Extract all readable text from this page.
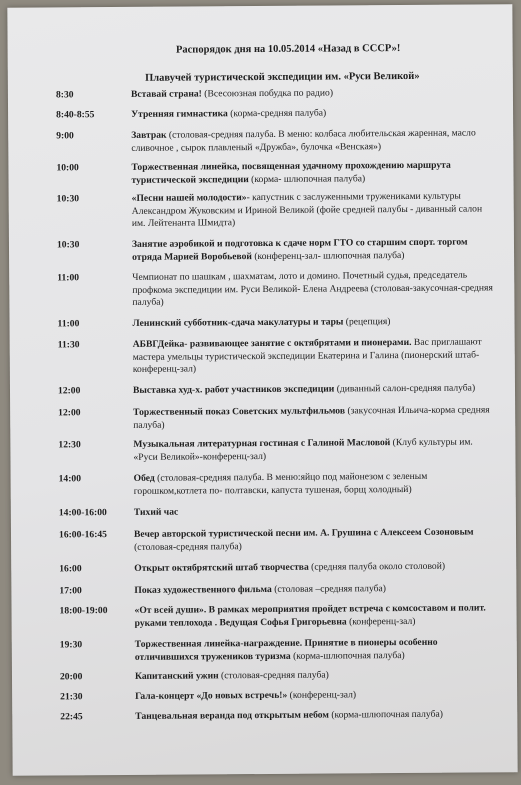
Распорядок дня на 10.05.2014 «Назад в СССР»!
Плавучей туристической экспедиции им. «Руси Великой»
8:30	Вставай страна! (Всесоюзная побудка по радио)
8:40-8:55	Утренняя гимнастика (корма-средняя палуба)
9:00	Завтрак (столовая-средняя палуба. В меню: колбаса любительская жаренная, масло сливочное , сырок плавленый «Дружба», булочка «Венская»)
10:00	Торжественная линейка, посвященная удачному прохождению маршрута туристической экспедиции (корма- шлюпочная палуба)
10:30	«Песни нашей молодости»- капустник с заслуженными тружениками культуры Александром Жуковским и Ириной Великой (фойе средней палубы - диванный салон им. Лейтенанта Шмидта)
10:30	Занятие аэробикой и подготовка к сдаче норм ГТО со старшим спорт. торгом отряда Марией Воробьевой (конференц-зал- шлюпочная палуба)
11:00	Чемпионат по шашкам , шахматам, лото и домино. Почетный судья, председатель профкома экспедиции им. Руси Великой- Елена Андреева (столовая-закусочная-средняя палуба)
11:00	Ленинский субботник-сдача макулатуры и тары (рецепция)
11:30	АБВГДейка- развивающее занятие с октябрятами и пионерами. Вас приглашают мастера умельцы туристической экспедиции Екатерина и Галина (пионерский штаб-конференц-зал)
12:00	Выставка худ-х. работ участников экспедиции (диванный салон-средняя палуба)
12:00	Торжественный показ Советских мультфильмов (закусочная Ильича-корма средняя палуба)
12:30	Музыкальная литературная гостиная с Галиной Масловой (Клуб культуры им. «Руси Великой»-конференц-зал)
14:00	Обед (столовая-средняя палуба. В меню:яйцо под майонезом с зеленым горошком,котлета по- полтавски, капуста тушеная, борщ холодный)
14:00-16:00	Тихий час
16:00-16:45	Вечер авторской туристической песни им. А. Грушина с Алексеем Созоновым (столовая-средняя палуба)
16:00	Открыт октябрятский штаб творчества (средняя палуба около столовой)
17:00	Показ художественного фильма (столовая –средняя палуба)
18:00-19:00	«От всей души». В рамках мероприятия пройдет встреча с комсоставом и полит. руками теплохода . Ведущая Софья Григорьевна (конференц-зал)
19:30	Торжественная линейка-награждение. Принятие в пионеры особенно отличившихся тружеников туризма (корма-шлюпочная палуба)
20:00	Капитанский ужин (столовая-средняя палуба)
21:30	Гала-концерт «До новых встречь!» (конференц-зал)
22:45	Танцевальная веранда под открытым небом (корма-шлюпочная палуба)
